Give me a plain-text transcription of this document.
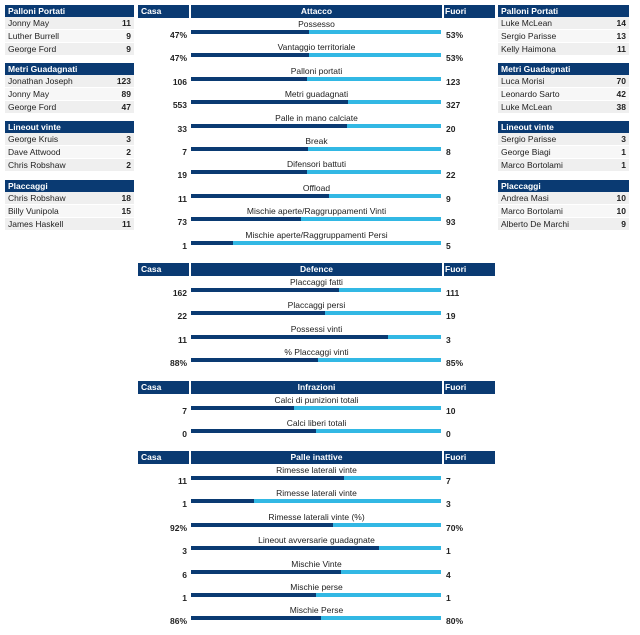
Palloni Portati
Jonny May	11
Luther Burrell	9
George Ford	9
Metri Guadagnati
Jonathan Joseph	123
Jonny May	89
George Ford	47
Lineout vinte
George Kruis	3
Dave Attwood	2
Chris Robshaw	2
Placcaggi
Chris Robshaw	18
Billy Vunipola	15
James Haskell	11
Palloni Portati
Luke McLean	14
Sergio Parisse	13
Kelly Haimona	11
Metri Guadagnati
Luca Morisi	70
Leonardo Sarto	42
Luke McLean	38
Lineout vinte
Sergio Parisse	3
George Biagi	1
Marco Bortolami	1
Placcaggi
Andrea Masi	10
Marco Bortolami	10
Alberto De Marchi	9
Attacco
Casa	Fuori
Possesso
47%	53%
Vantaggio territoriale
47%	53%
Palloni portati
106	123
Metri guadagnati
553	327
Palle in mano calciate
33	20
Break
7	8
Difensori battuti
19	22
Offload
11	9
Mischie aperte/Raggruppamenti Vinti
73	93
Mischie aperte/Raggruppamenti Persi
1	5
Defence
Casa	Fuori
Placcaggi fatti
162	111
Placcaggi persi
22	19
Possessi vinti
11	3
% Placcaggi vinti
88%	85%
Infrazioni
Casa	Fuori
Calci di punizioni totali
7	10
Calci liberi totali
0	0
Palle inattive
Casa	Fuori
Rimesse laterali vinte
11	7
Rimesse laterali vinte
1	3
Rimesse laterali vinte (%)
92%	70%
Lineout avversarie guadagnate
3	1
Mischie Vinte
6	4
Mischie perse
1	1
Mischie Perse
86%	80%
